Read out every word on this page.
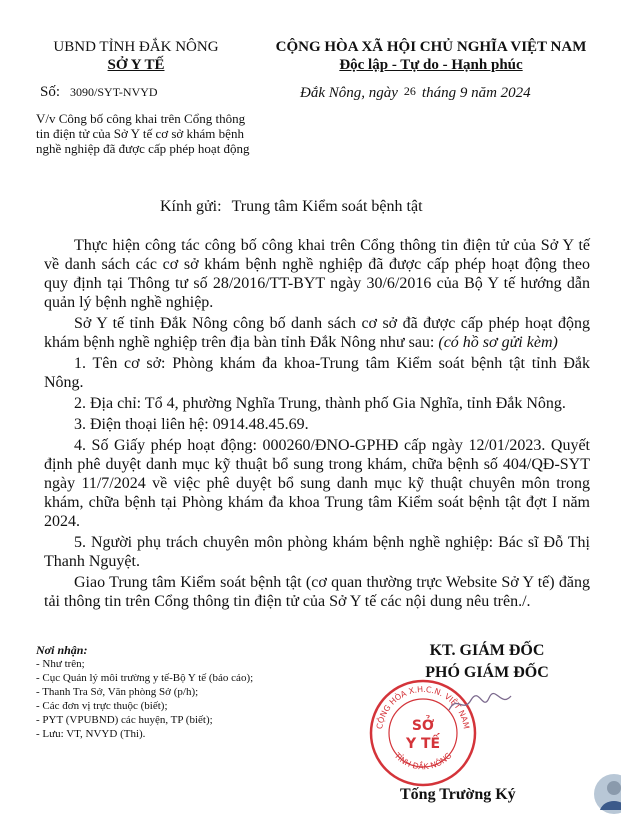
UBND TỈNH ĐẮK NÔNG
SỞ Y TẾ
CỘNG HÒA XÃ HỘI CHỦ NGHĨA VIỆT NAM
Độc lập - Tự do - Hạnh phúc
Số: 3090/SYT-NVYD	Đắk Nông, ngày 26 tháng 9 năm 2024
V/v Công bố công khai trên Cổng thông tin điện tử của Sở Y tế cơ sở khám bệnh nghề nghiệp đã được cấp phép hoạt động
Kính gửi: Trung tâm Kiểm soát bệnh tật

Thực hiện công tác công bố công khai trên Cổng thông tin điện tử của Sở Y tế về danh sách các cơ sở khám bệnh nghề nghiệp đã được cấp phép hoạt động theo quy định tại Thông tư số 28/2016/TT-BYT ngày 30/6/2016 của Bộ Y tế hướng dẫn quản lý bệnh nghề nghiệp.

Sở Y tế tỉnh Đắk Nông công bố danh sách cơ sở đã được cấp phép hoạt động khám bệnh nghề nghiệp trên địa bàn tỉnh Đắk Nông như sau: (có hồ sơ gửi kèm)

1. Tên cơ sở: Phòng khám đa khoa-Trung tâm Kiểm soát bệnh tật tỉnh Đắk Nông.

2. Địa chỉ: Tổ 4, phường Nghĩa Trung, thành phố Gia Nghĩa, tỉnh Đắk Nông.

3. Điện thoại liên hệ: 0914.48.45.69.

4. Số Giấy phép hoạt động: 000260/ĐNO-GPHĐ cấp ngày 12/01/2023. Quyết định phê duyệt danh mục kỹ thuật bổ sung trong khám, chữa bệnh số 404/QĐ-SYT ngày 11/7/2024 về việc phê duyệt bổ sung danh mục kỹ thuật chuyên môn trong khám, chữa bệnh tại Phòng khám đa khoa Trung tâm Kiểm soát bệnh tật đợt I năm 2024.

5. Người phụ trách chuyên môn phòng khám bệnh nghề nghiệp: Bác sĩ Đỗ Thị Thanh Nguyệt.

Giao Trung tâm Kiểm soát bệnh tật (cơ quan thường trực Website Sở Y tế) đăng tải thông tin trên Cổng thông tin điện tử của Sở Y tế các nội dung nêu trên./.

Nơi nhận:
- Như trên;
- Cục Quản lý môi trường y tế-Bộ Y tế (báo cáo);
- Thanh Tra Sở, Văn phòng Sở (p/h);
- Các đơn vị trực thuộc (biết);
- PYT (VPUBND) các huyện, TP (biết);
- Lưu: VT, NVYD (Thi).
KT. GIÁM ĐỐC
PHÓ GIÁM ĐỐC
CỘNG HÒA X.H.C.N. VIỆT NAM
TỈNH ĐẮK NÔNG
SỞ
Y TẾ
Tống Trường Ký
